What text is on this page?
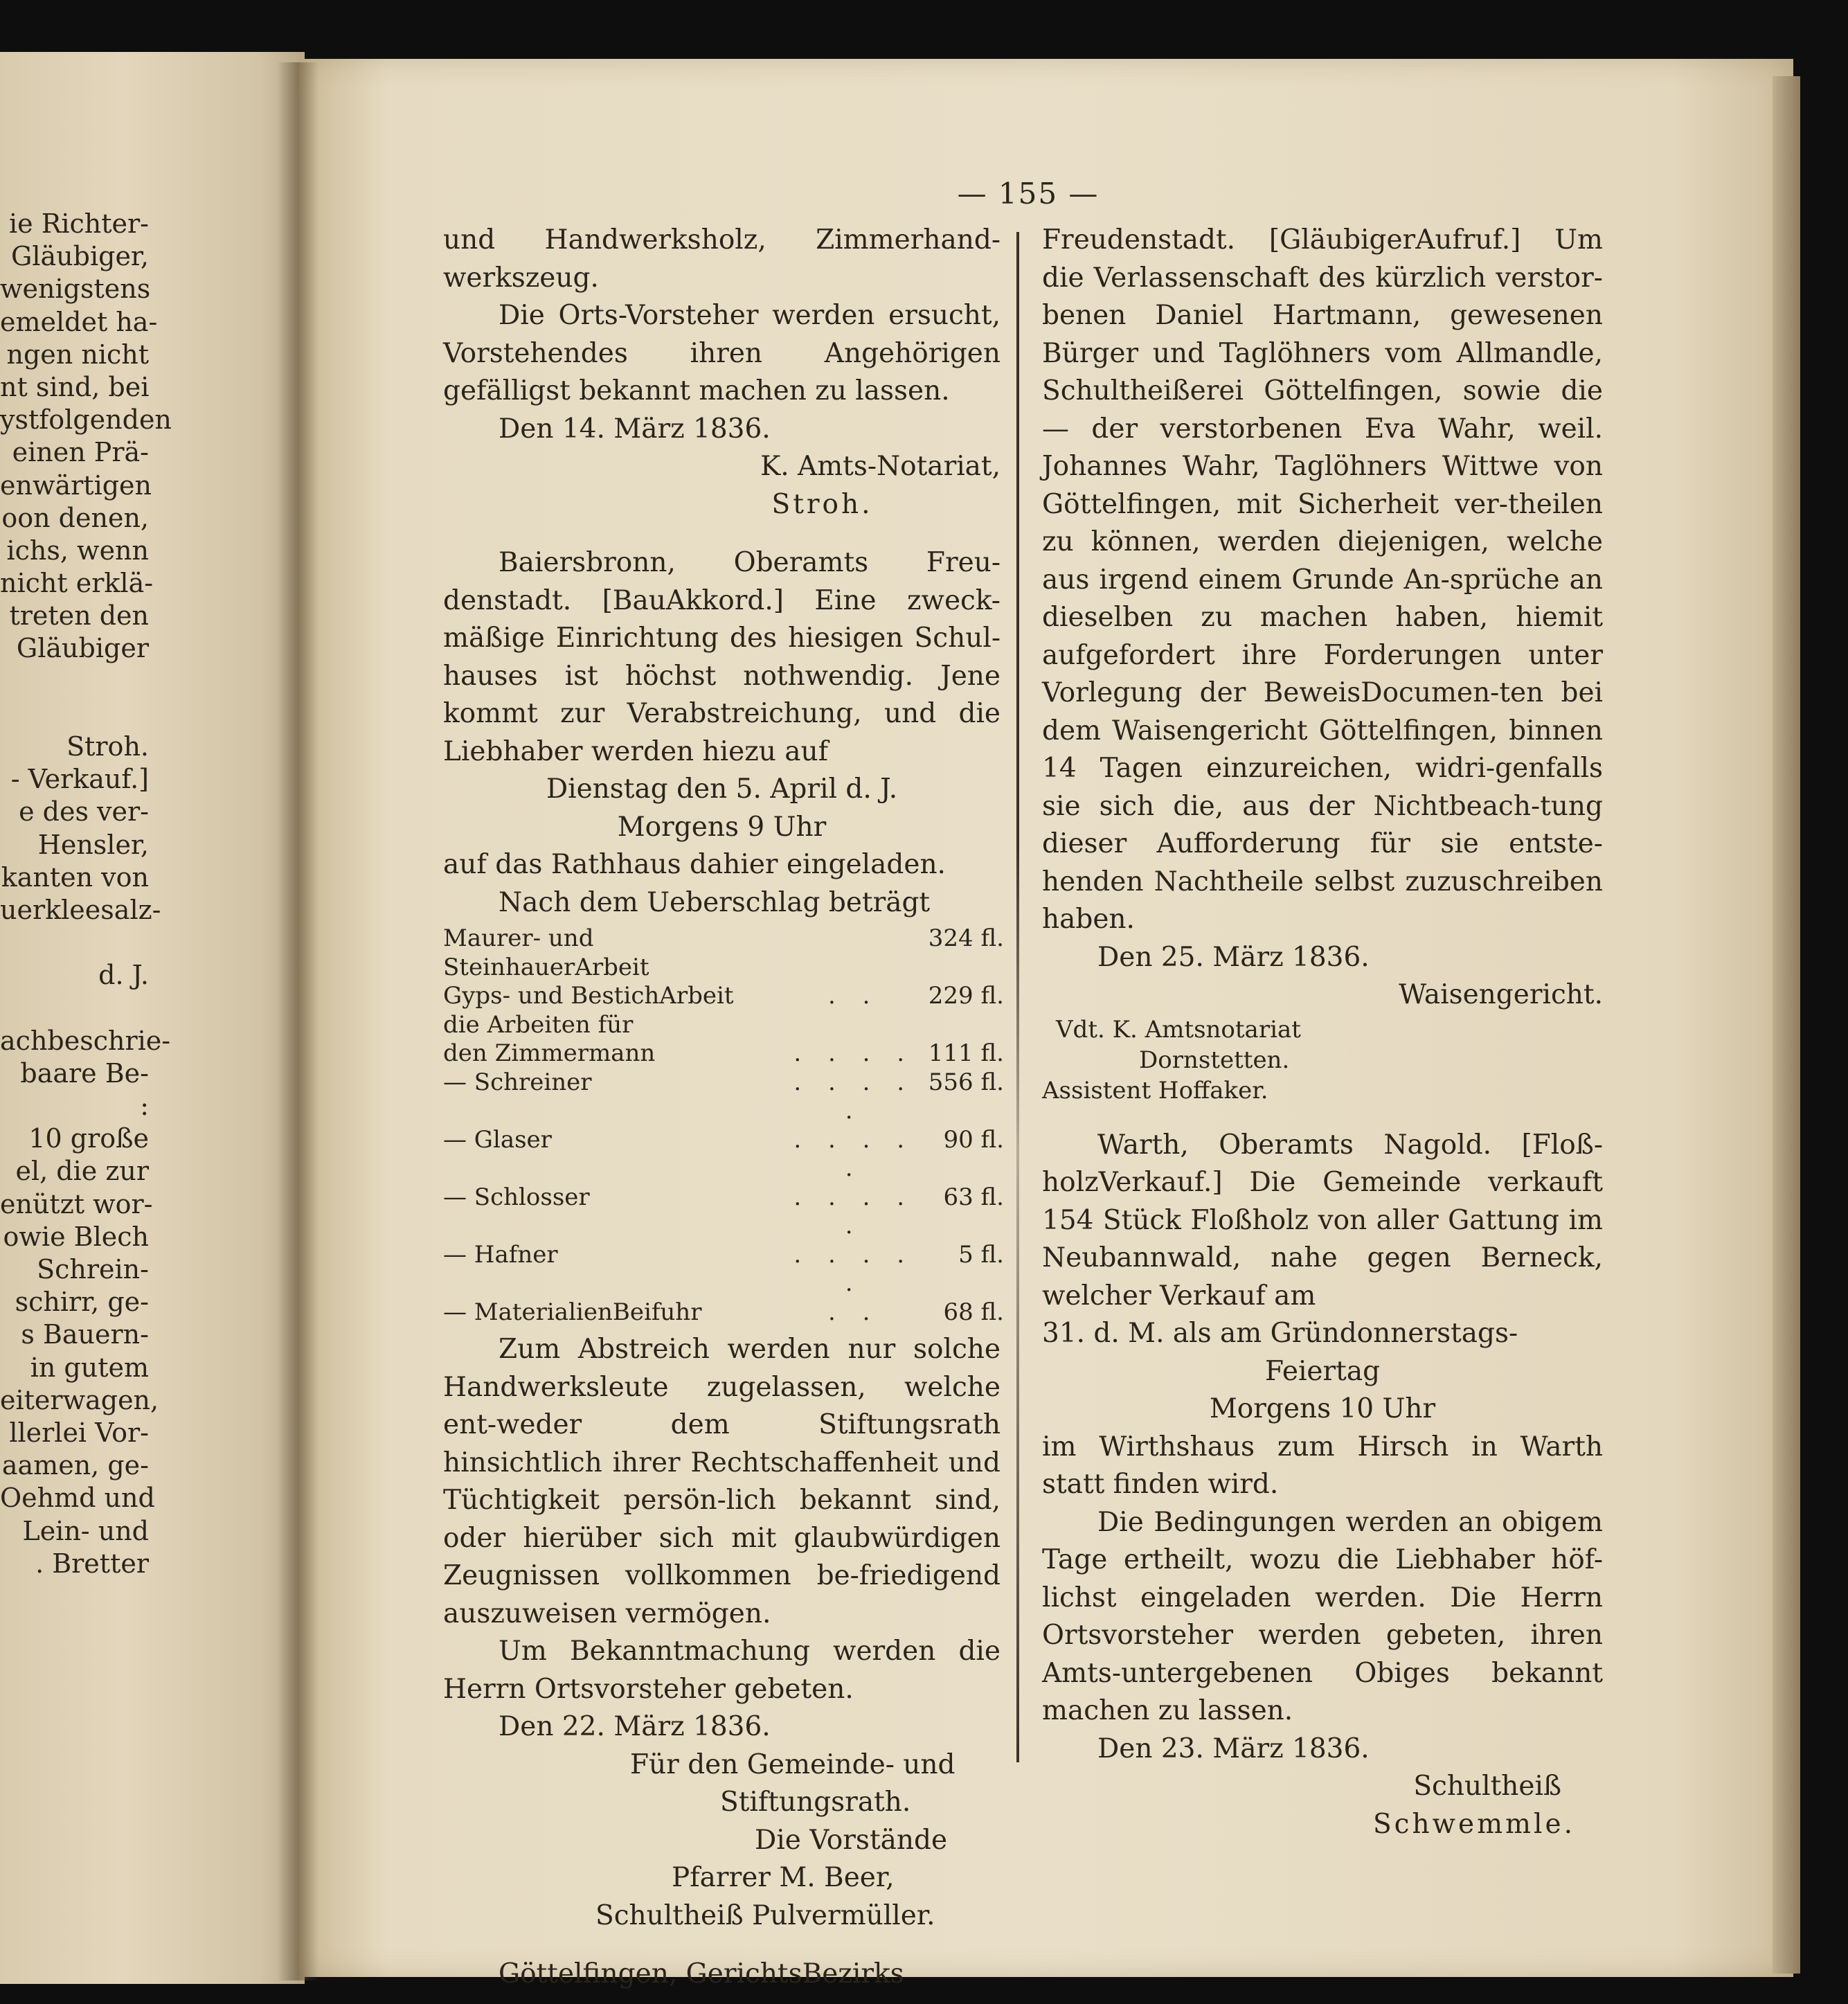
ie Richter-
Gläubiger,
wenigstens
emeldet ha-
ngen nicht
nt sind, bei
ystfolgenden
einen Prä-
enwärtigen
oon denen,
ichs, wenn
nicht erklä-
treten den
Gläubiger
Stroh.
- Verkauf.]
e des ver-
Hensler,
kanten von
uerkleesalz-
d. J.
achbeschrie-
baare Be-
:
10 große
el, die zur
enützt wor-
owie Blech
Schrein-
schirr, ge-
s Bauern-
in gutem
eiterwagen,
llerlei Vor-
aamen, ge-
Oehmd und
Lein- und
. Bretter
— 155 —

und Handwerksholz, Zimmerhand-werkszeug.

Die Orts-Vorsteher werden ersucht, Vorstehendes ihren Angehörigen gefälligst bekannt machen zu lassen.

Den 14. März 1836.

K. Amts-Notariat,

Stroh.

Baiersbronn, Oberamts Freu-denstadt. [BauAkkord.] Eine zweck-mäßige Einrichtung des hiesigen Schul-hauses ist höchst nothwendig. Jene kommt zur Verabstreichung, und die Liebhaber werden hiezu auf

Dienstag den 5. April d. J.

Morgens 9 Uhr

auf das Rathhaus dahier eingeladen.

Nach dem Ueberschlag beträgt

Maurer- und SteinhauerArbeit		324 fl.
Gyps- und BestichArbeit	. .	229 fl.
die Arbeiten für		
den Zimmermann	. . . .	111 fl.
— Schreiner	. . . . .	556 fl.
— Glaser	. . . . .	90 fl.
— Schlosser	. . . . .	63 fl.
— Hafner	. . . . .	5 fl.
— MaterialienBeifuhr	. .	68 fl.

Zum Abstreich werden nur solche Handwerksleute zugelassen, welche ent-weder dem Stiftungsrath hinsichtlich ihrer Rechtschaffenheit und Tüchtigkeit persön-lich bekannt sind, oder hierüber sich mit glaubwürdigen Zeugnissen vollkommen be-friedigend auszuweisen vermögen.

Um Bekanntmachung werden die Herrn Ortsvorsteher gebeten.

Den 22. März 1836.

Für den Gemeinde- und

Stiftungsrath.

Die Vorstände

Pfarrer M. Beer,

Schultheiß Pulvermüller.

Göttelfingen, GerichtsBezirks

Freudenstadt. [GläubigerAufruf.] Um die Verlassenschaft des kürzlich verstor-benen Daniel Hartmann, gewesenen Bürger und Taglöhners vom Allmandle, Schultheißerei Göttelfingen, sowie die — der verstorbenen Eva Wahr, weil. Johannes Wahr, Taglöhners Wittwe von Göttelfingen, mit Sicherheit ver-theilen zu können, werden diejenigen, welche aus irgend einem Grunde An-sprüche an dieselben zu machen haben, hiemit aufgefordert ihre Forderungen unter Vorlegung der BeweisDocumen-ten bei dem Waisengericht Göttelfingen, binnen 14 Tagen einzureichen, widri-genfalls sie sich die, aus der Nichtbeach-tung dieser Aufforderung für sie entste-henden Nachtheile selbst zuzuschreiben haben.

Den 25. März 1836.

Waisengericht.

Vdt. K. Amtsnotariat

Dornstetten.

Assistent Hoffaker.

Warth, Oberamts Nagold. [Floß-holzVerkauf.] Die Gemeinde verkauft 154 Stück Floßholz von aller Gattung im Neubannwald, nahe gegen Berneck, welcher Verkauf am

31. d. M. als am Gründonnerstags-

Feiertag

Morgens 10 Uhr

im Wirthshaus zum Hirsch in Warth statt finden wird.

Die Bedingungen werden an obigem Tage ertheilt, wozu die Liebhaber höf-lichst eingeladen werden. Die Herrn Ortsvorsteher werden gebeten, ihren Amts-untergebenen Obiges bekannt machen zu lassen.

Den 23. März 1836.

Schultheiß

Schwemmle.
